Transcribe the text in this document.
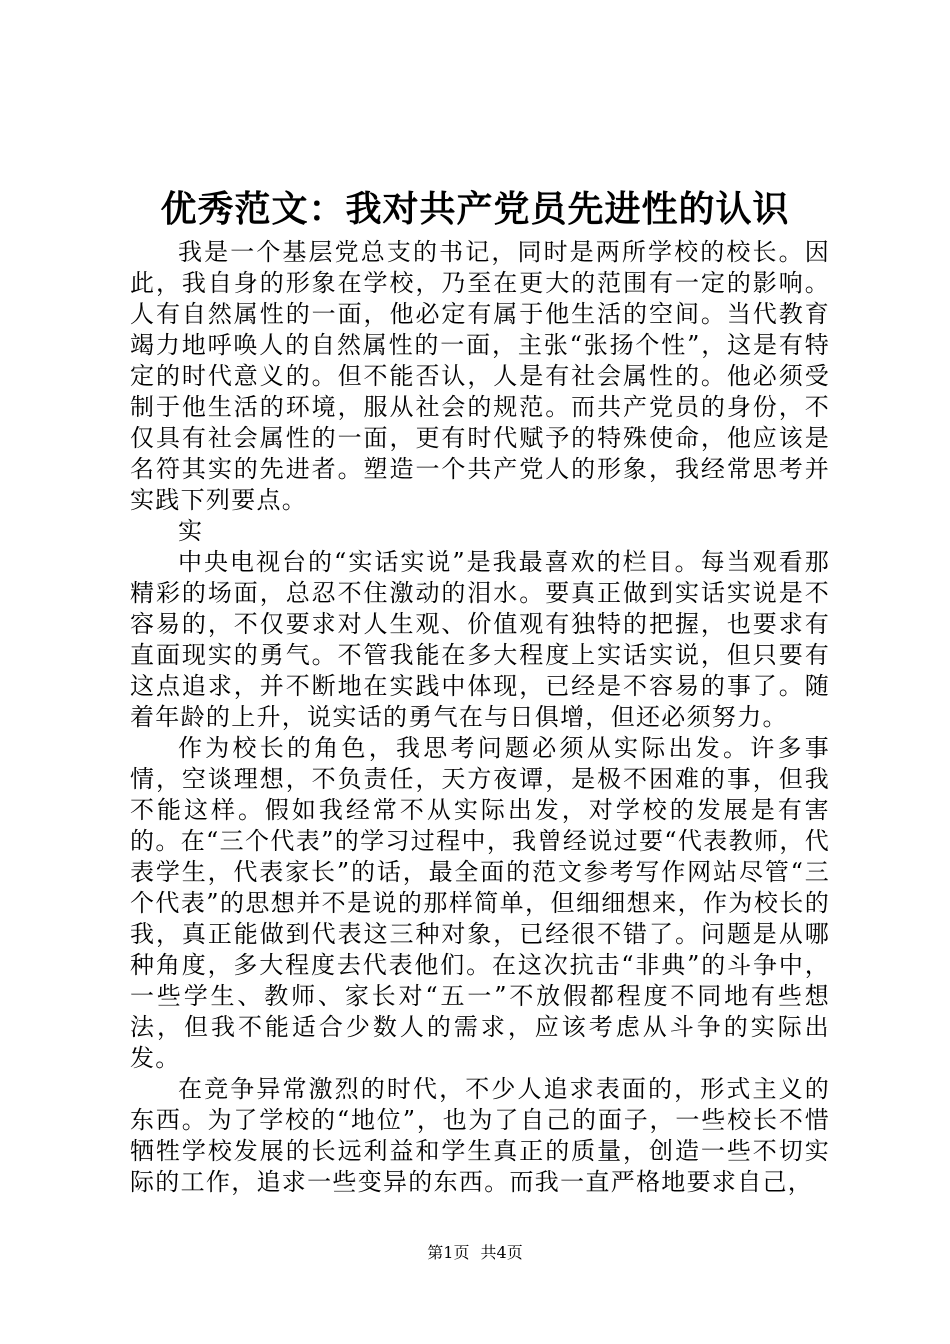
优秀范文：我对共产党员先进性的认识

我是一个基层党总支的书记，同时是两所学校的校长。因此，我自身的形象在学校，乃至在更大的范围有一定的影响。人有自然属性的一面，他必定有属于他生活的空间。当代教育竭力地呼唤人的自然属性的一面，主张“张扬个性”，这是有特定的时代意义的。但不能否认，人是有社会属性的。他必须受制于他生活的环境，服从社会的规范。而共产党员的身份，不仅具有社会属性的一面，更有时代赋予的特殊使命，他应该是名符其实的先进者。塑造一个共产党人的形象，我经常思考并实践下列要点。

实

中央电视台的“实话实说”是我最喜欢的栏目。每当观看那精彩的场面，总忍不住激动的泪水。要真正做到实话实说是不容易的，不仅要求对人生观、价值观有独特的把握，也要求有直面现实的勇气。不管我能在多大程度上实话实说，但只要有这点追求，并不断地在实践中体现，已经是不容易的事了。随着年龄的上升，说实话的勇气在与日俱增，但还必须努力。

作为校长的角色，我思考问题必须从实际出发。许多事情，空谈理想，不负责任，天方夜谭，是极不困难的事，但我不能这样。假如我经常不从实际出发，对学校的发展是有害的。在“三个代表”的学习过程中，我曾经说过要“代表教师，代表学生，代表家长”的话，最全面的范文参考写作网站尽管“三个代表”的思想并不是说的那样简单，但细细想来，作为校长的我，真正能做到代表这三种对象，已经很不错了。问题是从哪种角度，多大程度去代表他们。在这次抗击“非典”的斗争中，一些学生、教师、家长对“五一”不放假都程度不同地有些想法，但我不能适合少数人的需求，应该考虑从斗争的实际出发。

在竞争异常激烈的时代，不少人追求表面的，形式主义的东西。为了学校的“地位”，也为了自己的面子，一些校长不惜牺牲学校发展的长远利益和学生真正的质量，创造一些不切实际的工作，追求一些变异的东西。而我一直严格地要求自己，

第1页 共4页
